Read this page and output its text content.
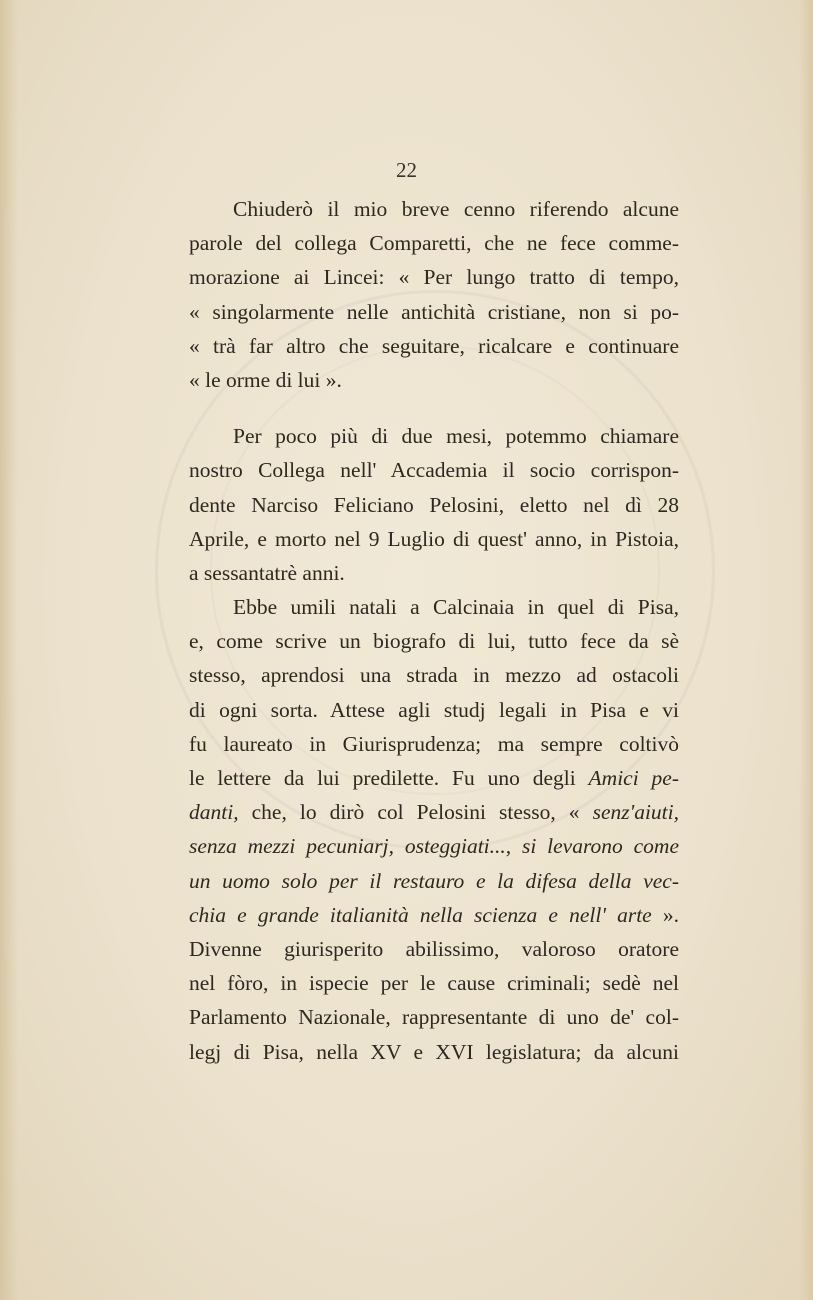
22
Chiuderò il mio breve cenno riferendo alcune
parole del collega Comparetti, che ne fece comme-
morazione ai Lincei: « Per lungo tratto di tempo,
« singolarmente nelle antichità cristiane, non si po-
« trà far altro che seguitare, ricalcare e continuare
« le orme di lui ».
Per poco più di due mesi, potemmo chiamare
nostro Collega nell' Accademia il socio corrispon-
dente Narciso Feliciano Pelosini, eletto nel dì 28
Aprile, e morto nel 9 Luglio di quest' anno, in Pistoia,
a sessantatrè anni.
Ebbe umili natali a Calcinaia in quel di Pisa,
e, come scrive un biografo di lui, tutto fece da sè
stesso, aprendosi una strada in mezzo ad ostacoli
di ogni sorta. Attese agli studj legali in Pisa e vi
fu laureato in Giurisprudenza; ma sempre coltivò
le lettere da lui predilette. Fu uno degli Amici pe-
danti, che, lo dirò col Pelosini stesso, « senz'aiuti,
senza mezzi pecuniarj, osteggiati..., si levarono come
un uomo solo per il restauro e la difesa della vec-
chia e grande italianità nella scienza e nell' arte ».
Divenne giurisperito abilissimo, valoroso oratore
nel fòro, in ispecie per le cause criminali; sedè nel
Parlamento Nazionale, rappresentante di uno de' col-
legj di Pisa, nella XV e XVI legislatura; da alcuni
